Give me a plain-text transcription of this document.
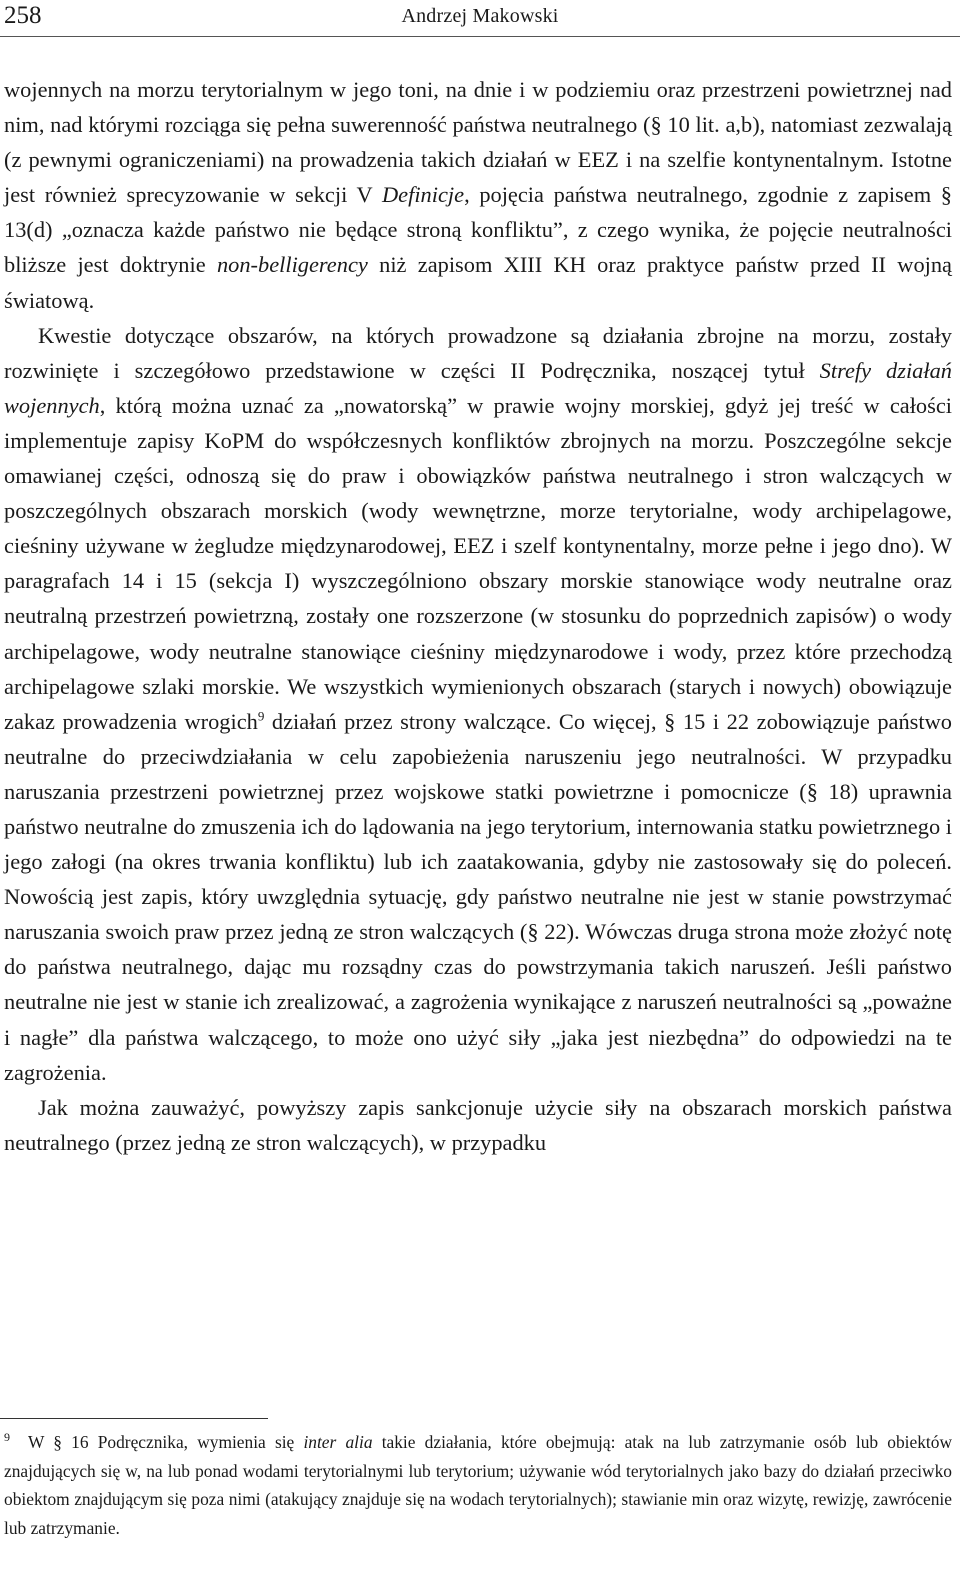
258	Andrzej Makowski

wojennych na morzu terytorialnym w jego toni, na dnie i w podziemiu oraz przestrzeni powietrznej nad nim, nad którymi rozciąga się pełna suwerenność państwa neutralnego (§ 10 lit. a,b), natomiast zezwalają (z pewnymi ograniczeniami) na prowadzenia takich działań w EEZ i na szelfie kontynentalnym. Istotne jest również sprecyzowanie w sekcji V Definicje, pojęcia państwa neutralnego, zgodnie z zapisem § 13(d) „oznacza każde państwo nie będące stroną konfliktu”, z czego wynika, że pojęcie neutralności bliższe jest doktrynie non-belligerency niż zapisom XIII KH oraz praktyce państw przed II wojną światową.

Kwestie dotyczące obszarów, na których prowadzone są działania zbrojne na morzu, zostały rozwinięte i szczegółowo przedstawione w części II Podręcznika, noszącej tytuł Strefy działań wojennych, którą można uznać za „nowatorską” w prawie wojny morskiej, gdyż jej treść w całości implementuje zapisy KoPM do współczesnych konfliktów zbrojnych na morzu. Poszczególne sekcje omawianej części, odnoszą się do praw i obowiązków państwa neutralnego i stron walczących w poszczególnych obszarach morskich (wody wewnętrzne, morze terytorialne, wody archipelagowe, cieśniny używane w żegludze międzynarodowej, EEZ i szelf kontynentalny, morze pełne i jego dno). W paragrafach 14 i 15 (sekcja I) wyszczególniono obszary morskie stanowiące wody neutralne oraz neutralną przestrzeń powietrzną, zostały one rozszerzone (w stosunku do poprzednich zapisów) o wody archipelagowe, wody neutralne stanowiące cieśniny międzynarodowe i wody, przez które przechodzą archipelagowe szlaki morskie. We wszystkich wymienionych obszarach (starych i nowych) obowiązuje zakaz prowadzenia wrogich$^9$ działań przez strony walczące. Co więcej, § 15 i 22 zobowiązuje państwo neutralne do przeciwdziałania w celu zapobieżenia naruszeniu jego neutralności. W przypadku naruszania przestrzeni powietrznej przez wojskowe statki powietrzne i pomocnicze (§ 18) uprawnia państwo neutralne do zmuszenia ich do lądowania na jego terytorium, internowania statku powietrznego i jego załogi (na okres trwania konfliktu) lub ich zaatakowania, gdyby nie zastosowały się do poleceń. Nowością jest zapis, który uwzględnia sytuację, gdy państwo neutralne nie jest w stanie powstrzymać naruszania swoich praw przez jedną ze stron walczących (§ 22). Wówczas druga strona może złożyć notę do państwa neutralnego, dając mu rozsądny czas do powstrzymania takich naruszeń. Jeśli państwo neutralne nie jest w stanie ich zrealizować, a zagrożenia wynikające z naruszeń neutralności są „poważne i nagłe” dla państwa walczącego, to może ono użyć siły „jaka jest niezbędna” do odpowiedzi na te zagrożenia.

Jak można zauważyć, powyższy zapis sankcjonuje użycie siły na obszarach morskich państwa neutralnego (przez jedną ze stron walczących), w przypadku

$^9$ W § 16 Podręcznika, wymienia się inter alia takie działania, które obejmują: atak na lub zatrzymanie osób lub obiektów znajdujących się w, na lub ponad wodami terytorialnymi lub terytorium; używanie wód terytorialnych jako bazy do działań przeciwko obiektom znajdującym się poza nimi (atakujący znajduje się na wodach terytorialnych); stawianie min oraz wizytę, rewizję, zawrócenie lub zatrzymanie.
